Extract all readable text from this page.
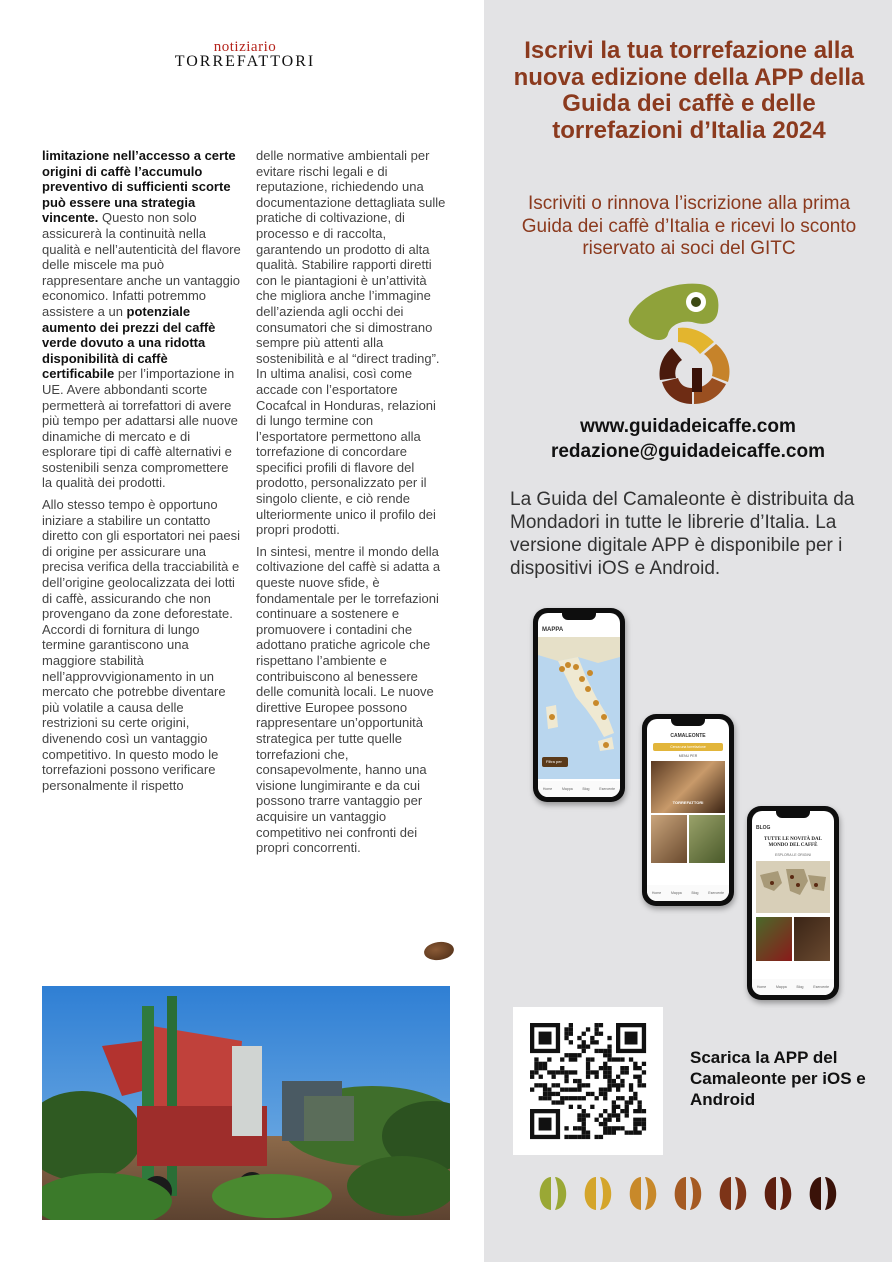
notiziario
TORREFATTORI

limitazione nell’accesso a certe origini di caffè l’accumulo preventivo di sufficienti scorte può essere una strategia vincente. Questo non solo assicurerà la continuità nella qualità e nell’autenticità del flavore delle miscele ma può rappresentare anche un vantaggio economico. Infatti potremmo assistere a un potenziale aumento dei prezzi del caffè verde dovuto a una ridotta disponibilità di caffè certificabile per l’importazione in UE. Avere abbondanti scorte permetterà ai torrefattori di avere più tempo per adattarsi alle nuove dinamiche di mercato e di esplorare tipi di caffè alternativi e sostenibili senza compromettere la qualità dei prodotti.

Allo stesso tempo è opportuno iniziare a stabilire un contatto diretto con gli esportatori nei paesi di origine per assicurare una precisa verifica della tracciabilità e dell’origine geolocalizzata dei lotti di caffè, assicurando che non provengano da zone deforestate. Accordi di fornitura di lungo termine garantiscono una maggiore stabilità nell’approvvigionamento in un mercato che potrebbe diventare più volatile a causa delle restrizioni su certe origini, divenendo così un vantaggio competitivo. In questo modo le torrefazioni possono verificare personalmente il rispetto

delle normative ambientali per evitare rischi legali e di reputazione, richiedendo una documentazione dettagliata sulle pratiche di coltivazione, di processo e di raccolta, garantendo un prodotto di alta qualità. Stabilire rapporti diretti con le piantagioni è un’attività che migliora anche l’immagine dell’azienda agli occhi dei consumatori che si dimostrano sempre più attenti alla sostenibilità e al “direct trading”. In ultima analisi, così come accade con l’esportatore Cocafcal in Honduras, relazioni di lungo termine con l’esportatore permettono alla torrefazione di concordare specifici profili di flavore del prodotto, personalizzato per il singolo cliente, e ciò rende ulteriormente unico il profilo dei propri prodotti.

In sintesi, mentre il mondo della coltivazione del caffè si adatta a queste nuove sfide, è fondamentale per le torrefazioni continuare a sostenere e promuovere i contadini che adottano pratiche agricole che rispettano l’ambiente e contribuiscono al benessere delle comunità locali. Le nuove direttive Europee possono rappresentare un’opportunità strategica per tutte quelle torrefazioni che, consapevolmente, hanno una visione lungimirante e da cui possono trarre vantaggio per acquisire un vantaggio competitivo nei confronti dei propri concorrenti.

Iscrivi la tua torrefazione alla nuova edizione della APP della Guida dei caffè e delle torrefazioni d’Italia 2024
Iscriviti o rinnova l’iscrizione alla prima Guida dei caffè d’Italia e ricevi lo sconto riservato ai soci del GITC
www.guidadeicaffe.com
redazione@guidadeicaffe.com
La Guida del Camaleonte è distribuita da Mondadori in tutte le librerie d’Italia. La versione digitale APP è disponibile per i dispositivi iOS e Android.
MAPPA
Filtra per
Home	Mappa	Blog	Esercente
CAMALEONTE
Cerca una torrefazione
MENU PER
TORREFATTORI
Home	Mappa	Blog	Esercente
BLOG
TUTTE LE NOVITÀ DAL MONDO DEL CAFFÈ
ESPLORA LE ORIGINI
Home	Mappa	Blog	Esercente
Scarica la APP del Camaleonte per iOS e Android
